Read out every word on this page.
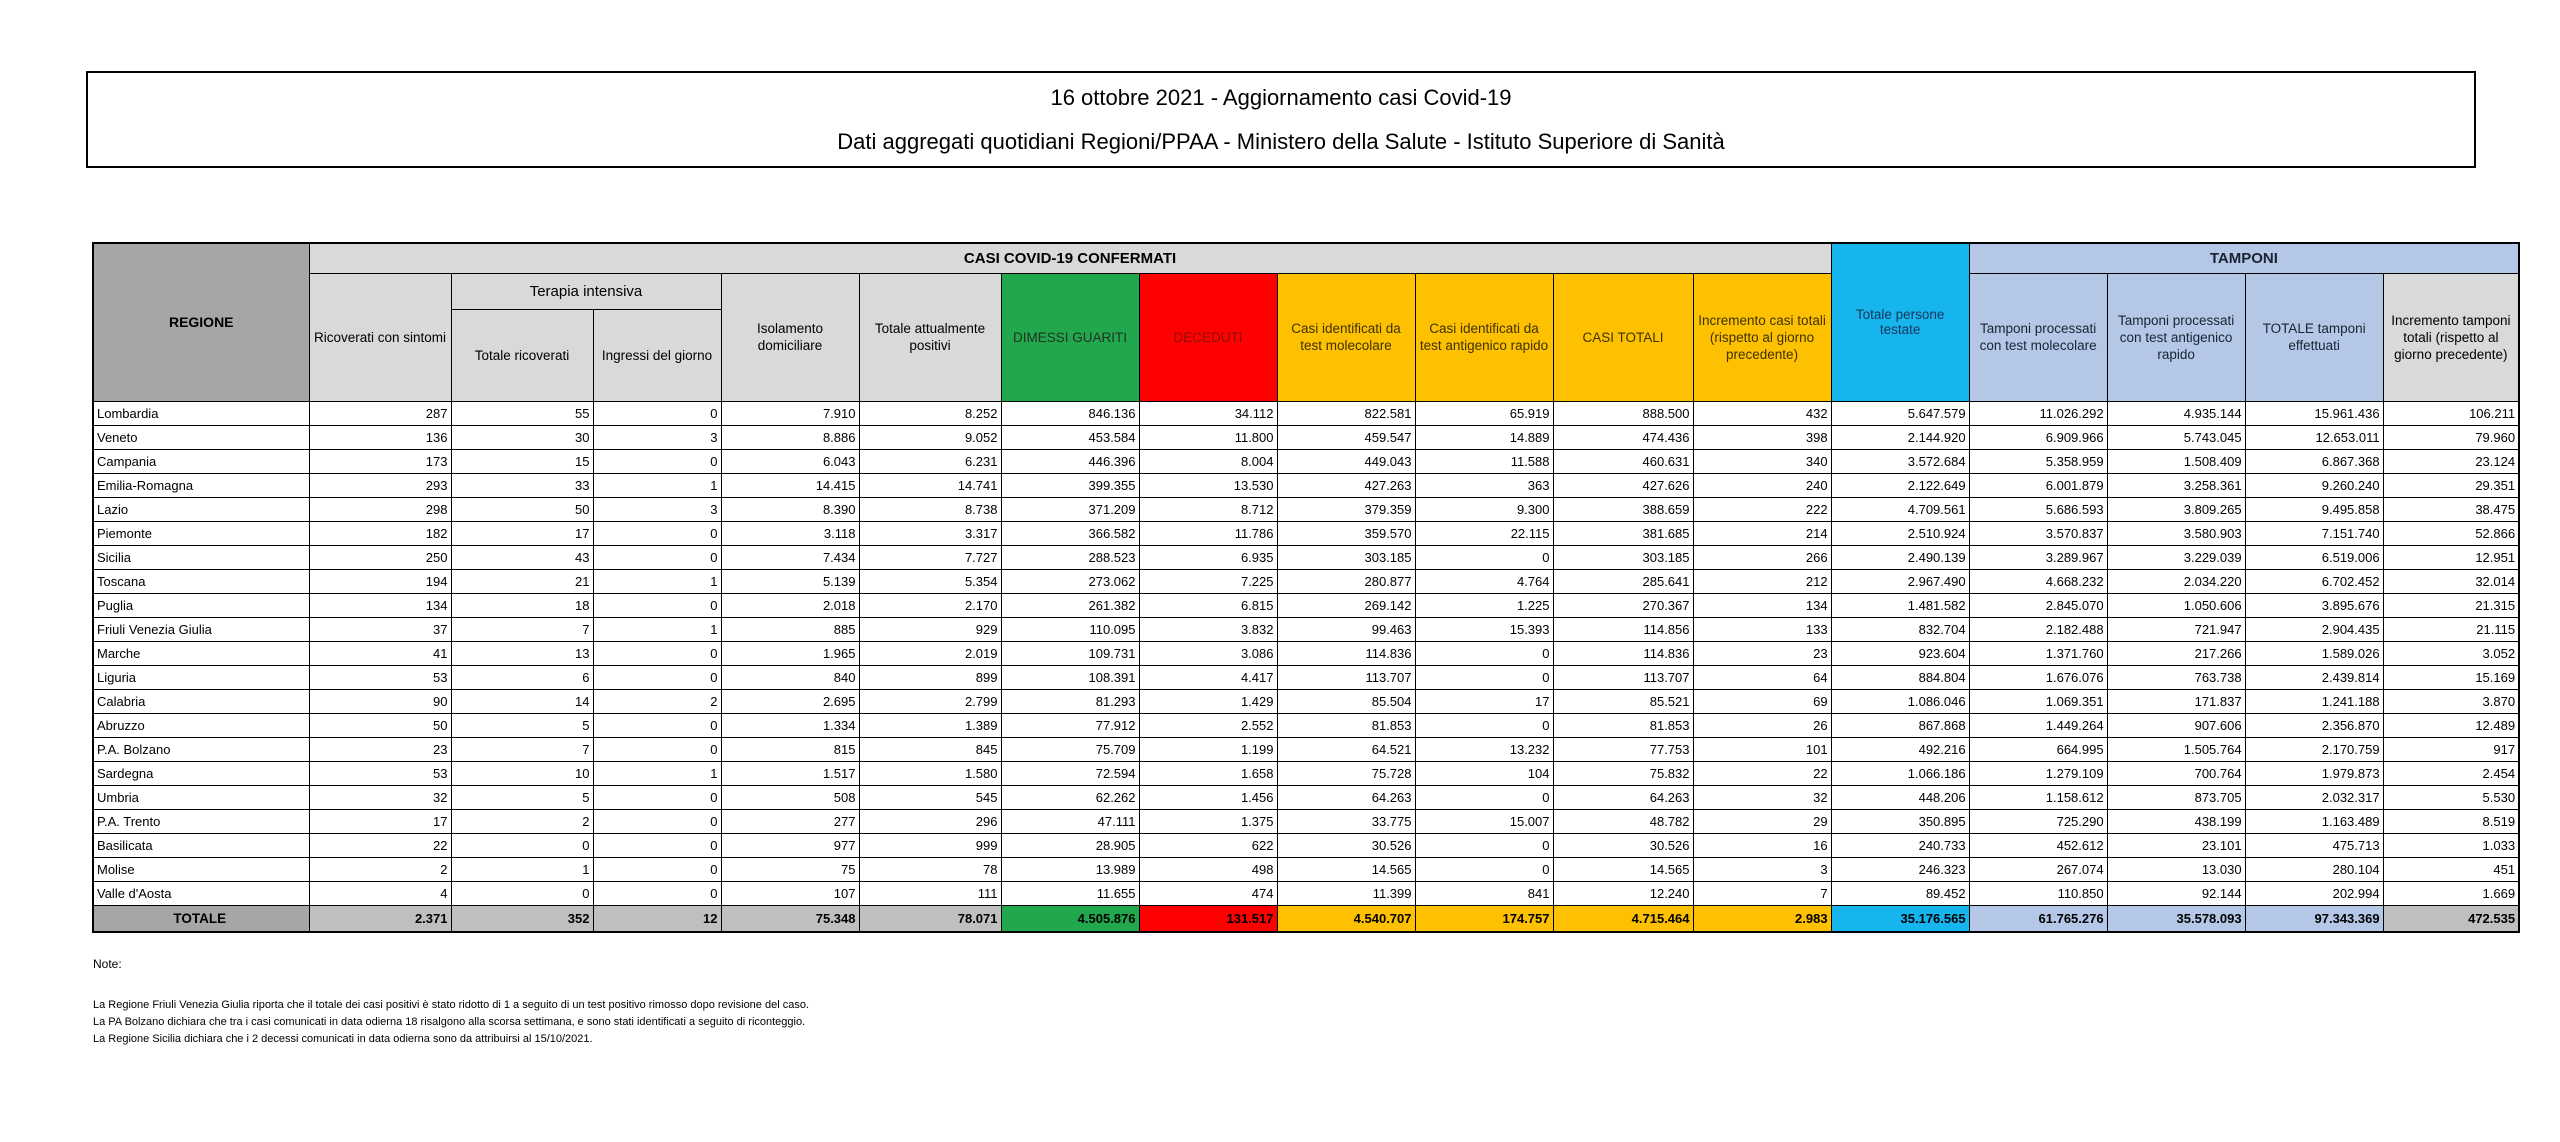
16 ottobre 2021 - Aggiornamento casi Covid-19
Dati aggregati quotidiani Regioni/PPAA - Ministero della Salute - Istituto Superiore di Sanità
REGIONE	CASI COVID-19 CONFERMATI											Totale persone testate	TAMPONI			
	Ricoverati con sintomi	Terapia intensiva		Isolamento domiciliare	Totale attualmente positivi	DIMESSI GUARITI	DECEDUTI	Casi identificati da test molecolare	Casi identificati da test antigenico rapido	CASI TOTALI	Incremento casi totali (rispetto al giorno precedente)		Tamponi processati con test molecolare	Tamponi processati con test antigenico rapido	TOTALE tamponi effettuati	Incremento tamponi totali (rispetto al giorno precedente)
		Totale ricoverati	Ingressi del giorno													
Lombardia	287	55	0	7.910	8.252	846.136	34.112	822.581	65.919	888.500	432	5.647.579	11.026.292	4.935.144	15.961.436	106.211
Veneto	136	30	3	8.886	9.052	453.584	11.800	459.547	14.889	474.436	398	2.144.920	6.909.966	5.743.045	12.653.011	79.960
Campania	173	15	0	6.043	6.231	446.396	8.004	449.043	11.588	460.631	340	3.572.684	5.358.959	1.508.409	6.867.368	23.124
Emilia-Romagna	293	33	1	14.415	14.741	399.355	13.530	427.263	363	427.626	240	2.122.649	6.001.879	3.258.361	9.260.240	29.351
Lazio	298	50	3	8.390	8.738	371.209	8.712	379.359	9.300	388.659	222	4.709.561	5.686.593	3.809.265	9.495.858	38.475
Piemonte	182	17	0	3.118	3.317	366.582	11.786	359.570	22.115	381.685	214	2.510.924	3.570.837	3.580.903	7.151.740	52.866
Sicilia	250	43	0	7.434	7.727	288.523	6.935	303.185	0	303.185	266	2.490.139	3.289.967	3.229.039	6.519.006	12.951
Toscana	194	21	1	5.139	5.354	273.062	7.225	280.877	4.764	285.641	212	2.967.490	4.668.232	2.034.220	6.702.452	32.014
Puglia	134	18	0	2.018	2.170	261.382	6.815	269.142	1.225	270.367	134	1.481.582	2.845.070	1.050.606	3.895.676	21.315
Friuli Venezia Giulia	37	7	1	885	929	110.095	3.832	99.463	15.393	114.856	133	832.704	2.182.488	721.947	2.904.435	21.115
Marche	41	13	0	1.965	2.019	109.731	3.086	114.836	0	114.836	23	923.604	1.371.760	217.266	1.589.026	3.052
Liguria	53	6	0	840	899	108.391	4.417	113.707	0	113.707	64	884.804	1.676.076	763.738	2.439.814	15.169
Calabria	90	14	2	2.695	2.799	81.293	1.429	85.504	17	85.521	69	1.086.046	1.069.351	171.837	1.241.188	3.870
Abruzzo	50	5	0	1.334	1.389	77.912	2.552	81.853	0	81.853	26	867.868	1.449.264	907.606	2.356.870	12.489
P.A. Bolzano	23	7	0	815	845	75.709	1.199	64.521	13.232	77.753	101	492.216	664.995	1.505.764	2.170.759	917
Sardegna	53	10	1	1.517	1.580	72.594	1.658	75.728	104	75.832	22	1.066.186	1.279.109	700.764	1.979.873	2.454
Umbria	32	5	0	508	545	62.262	1.456	64.263	0	64.263	32	448.206	1.158.612	873.705	2.032.317	5.530
P.A. Trento	17	2	0	277	296	47.111	1.375	33.775	15.007	48.782	29	350.895	725.290	438.199	1.163.489	8.519
Basilicata	22	0	0	977	999	28.905	622	30.526	0	30.526	16	240.733	452.612	23.101	475.713	1.033
Molise	2	1	0	75	78	13.989	498	14.565	0	14.565	3	246.323	267.074	13.030	280.104	451
Valle d'Aosta	4	0	0	107	111	11.655	474	11.399	841	12.240	7	89.452	110.850	92.144	202.994	1.669
TOTALE	2.371	352	12	75.348	78.071	4.505.876	131.517	4.540.707	174.757	4.715.464	2.983	35.176.565	61.765.276	35.578.093	97.343.369	472.535
Note:
La Regione Friuli Venezia Giulia riporta che il totale dei casi positivi è stato ridotto di 1 a seguito di un test positivo rimosso dopo revisione del caso.
La PA Bolzano dichiara che tra i casi comunicati in data odierna 18 risalgono alla scorsa settimana, e sono stati identificati a seguito di riconteggio.
La Regione Sicilia dichiara che i 2 decessi comunicati in data odierna sono da attribuirsi al 15/10/2021.
